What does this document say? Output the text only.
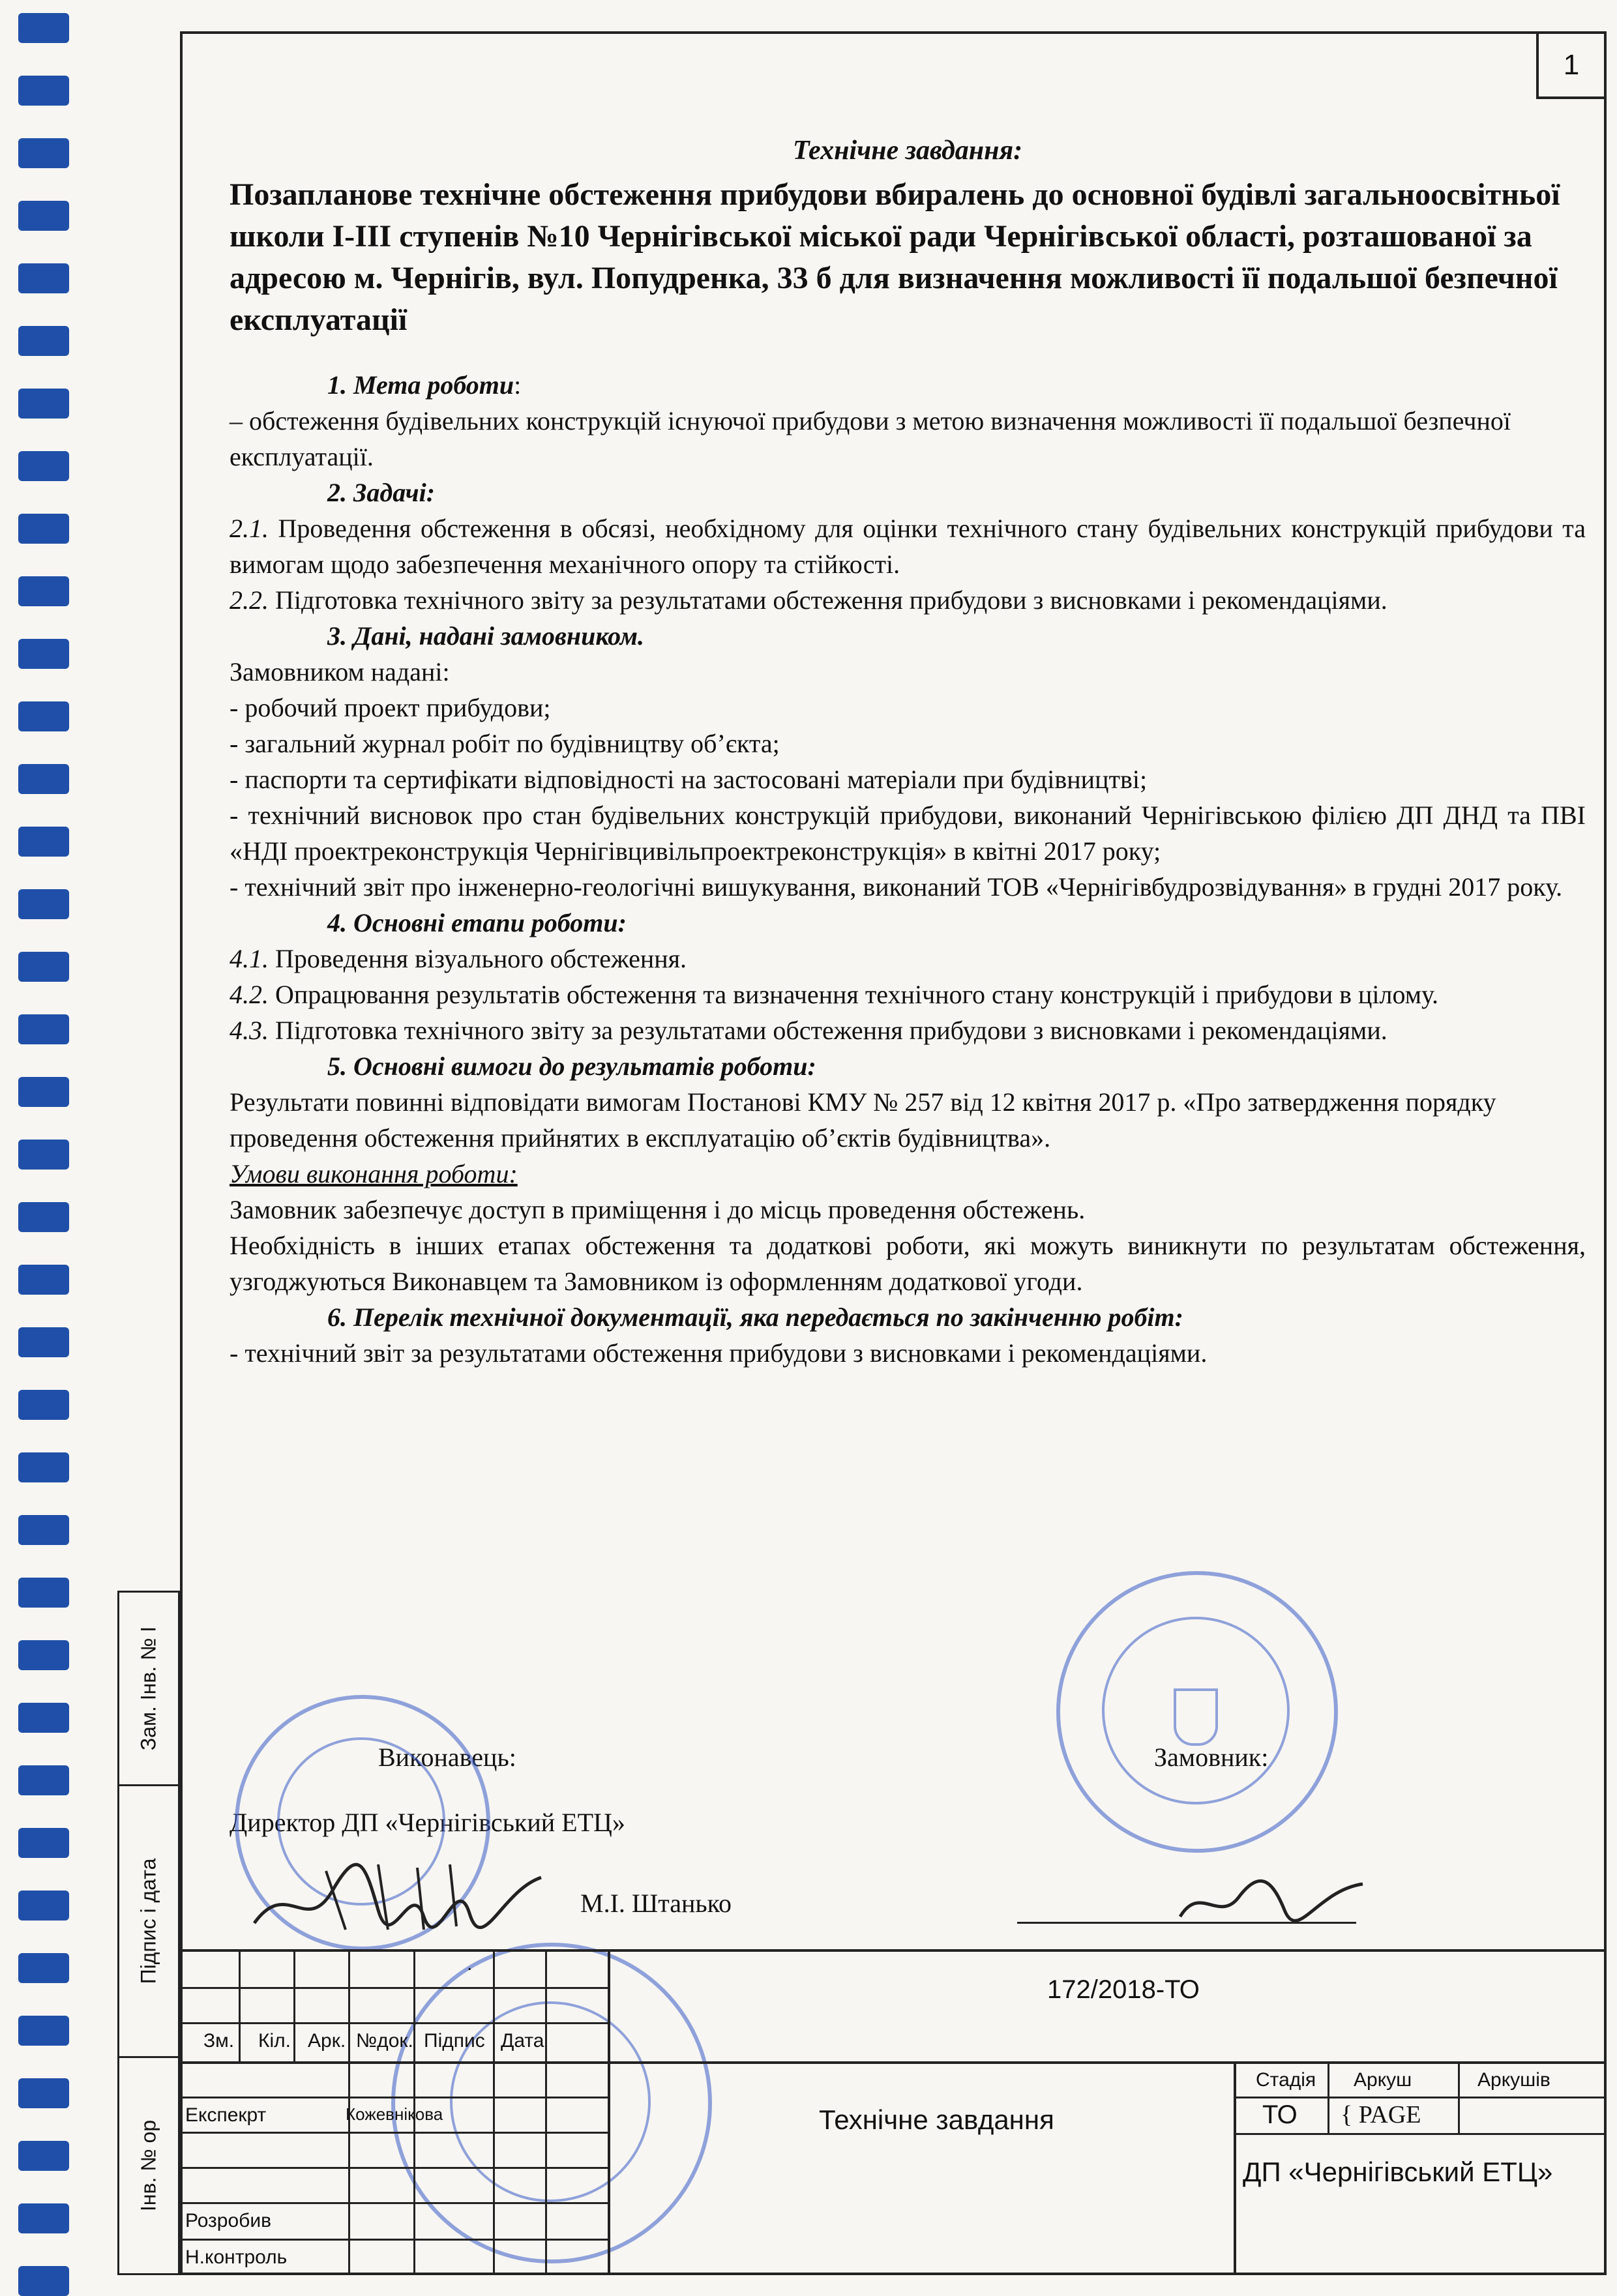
1

Технічне завдання:

Позапланове технічне обстеження прибудови вбиралень до основної будівлі загальноосвітньої школи І-ІІІ ступенів №10 Чернігівської міської ради Чернігівської області, розташованої за адресою м. Чернігів, вул. Попудренка, 33 б для визначення можливості її подальшої безпечної експлуатації

1. Мета роботи:

– обстеження будівельних конструкцій існуючої прибудови з метою визначення можливості її подальшої безпечної експлуатації.

2. Задачі:

2.1. Проведення обстеження в обсязі, необхідному для оцінки технічного стану будівельних конструкцій прибудови та вимогам щодо забезпечення механічного опору та стійкості.

2.2. Підготовка технічного звіту за результатами обстеження прибудови з висновками і рекомендаціями.

3. Дані, надані замовником.

Замовником надані:

- робочий проект прибудови;

- загальний журнал робіт по будівництву об’єкта;

- паспорти та сертифікати відповідності на застосовані матеріали при будівництві;

- технічний висновок про стан будівельних конструкцій прибудови, виконаний Чернігівською філією ДП ДНД та ПВІ «НДІ проектреконструкція Чернігівцивільпроектреконструкція» в квітні 2017 року;

- технічний звіт про інженерно-геологічні вишукування, виконаний ТОВ «Чернігівбудрозвідування» в грудні 2017 року.

4. Основні етапи роботи:

4.1. Проведення візуального обстеження.

4.2. Опрацювання результатів обстеження та визначення технічного стану конструкцій і прибудови в цілому.

4.3. Підготовка технічного звіту за результатами обстеження прибудови з висновками і рекомендаціями.

5. Основні вимоги до результатів роботи:

Результати повинні відповідати вимогам Постанові КМУ № 257 від 12 квітня 2017 р. «Про затвердження порядку проведення обстеження прийнятих в експлуатацію об’єктів будівництва».

Умови виконання роботи:

Замовник забезпечує доступ в приміщення і до місць проведення обстежень.

Необхідність в інших етапах обстеження та додаткові роботи, які можуть виникнути по результатам обстеження, узгоджуються Виконавцем та Замовником із оформленням додаткової угоди.

6. Перелік технічної документації, яка передається по закінченню робіт:

- технічний звіт за результатами обстеження прибудови з висновками і рекомендаціями.

Виконавець:	Замовник:
Директор ДП «Чернігівський ЕТЦ»
М.І. Штанько
Зам. Інв. № І
Підпис і дата
Інв. № ор
.
172/2018-ТО
Зм. Кіл. Арк. №док. Підпис Дата
Експекрт	Кожевнікова
Розробив
Н.контроль
Технічне завдання
Стадія Аркуш	Аркушів
ТО { PAGE
ДП «Чернігівський ЕТЦ»
